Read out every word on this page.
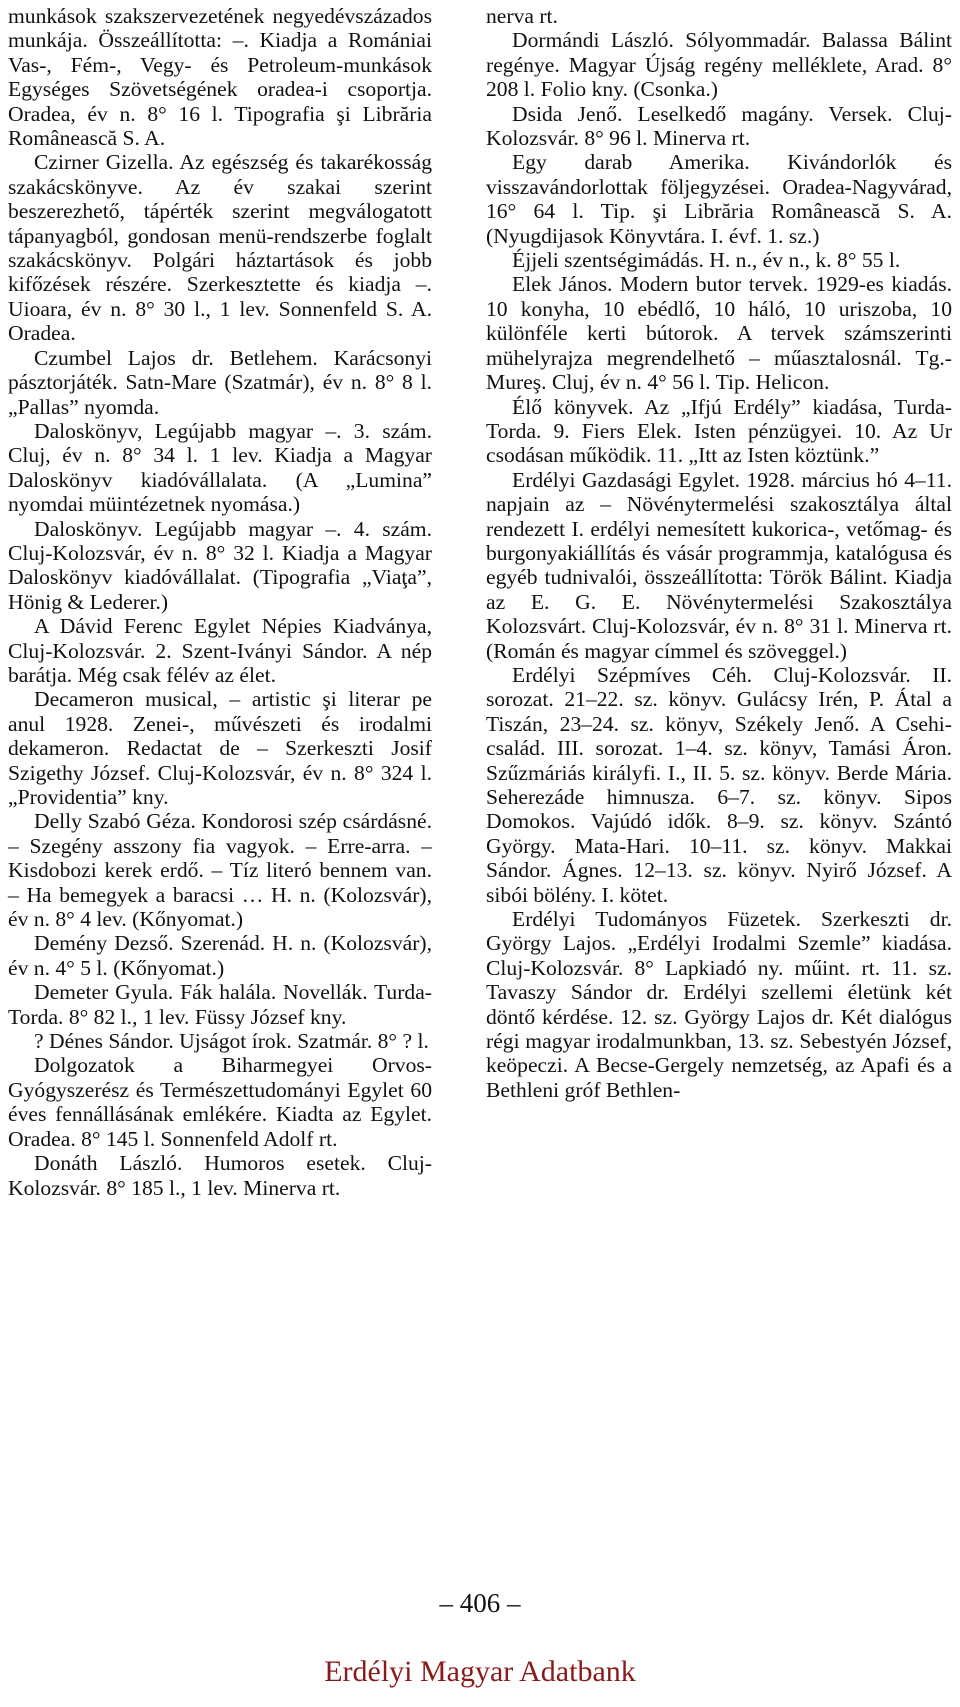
munkások szakszervezetének negyedévszázados munkája. Összeállította: –. Kiadja a Romániai Vas-, Fém-, Vegy- és Petroleum-munkások Egységes Szövetségének oradea-i csoportja. Oradea, év n. 8° 16 l. Tipografia şi Librăria Românească S. A.

Czirner Gizella. Az egészség és takarékosság szakácskönyve. Az év szakai szerint beszerezhető, tápérték szerint megválogatott tápanyagból, gondosan menü-rendszerbe foglalt szakácskönyv. Polgári háztartások és jobb kifőzések részére. Szerkesztette és kiadja –. Uioara, év n. 8° 30 l., 1 lev. Sonnenfeld S. A. Oradea.

Czumbel Lajos dr. Betlehem. Karácsonyi pásztorjáték. Satn-Mare (Szatmár), év n. 8° 8 l. „Pallas” nyomda.

Daloskönyv, Legújabb magyar –. 3. szám. Cluj, év n. 8° 34 l. 1 lev. Kiadja a Magyar Daloskönyv kiadóvállalata. (A „Lumina” nyomdai müintézetnek nyomása.)

Daloskönyv. Legújabb magyar –. 4. szám. Cluj-Kolozsvár, év n. 8° 32 l. Kiadja a Magyar Daloskönyv kiadóvállalat. (Tipografia „Viaţa”, Hönig & Lederer.)

A Dávid Ferenc Egylet Népies Kiadványa, Cluj-Kolozsvár. 2. Szent-Iványi Sándor. A nép barátja. Még csak félév az élet.

Decameron musical, – artistic şi literar pe anul 1928. Zenei-, művészeti és irodalmi dekameron. Redactat de – Szerkeszti Josif Szigethy József. Cluj-Kolozsvár, év n. 8° 324 l. „Providentia” kny.

Delly Szabó Géza. Kondorosi szép csárdásné. – Szegény asszony fia vagyok. – Erre-arra. – Kisdobozi kerek erdő. – Tíz literó bennem van. – Ha bemegyek a baracsi … H. n. (Kolozsvár), év n. 8° 4 lev. (Kőnyomat.)

Demény Dezső. Szerenád. H. n. (Kolozsvár), év n. 4° 5 l. (Kőnyomat.)

Demeter Gyula. Fák halála. Novellák. Turda-Torda. 8° 82 l., 1 lev. Füssy József kny.

? Dénes Sándor. Ujságot írok. Szatmár. 8° ? l.

Dolgozatok a Biharmegyei Orvos-Gyógyszerész és Természettudományi Egylet 60 éves fennállásának emlékére. Kiadta az Egylet. Oradea. 8° 145 l. Sonnenfeld Adolf rt.

Donáth László. Humoros esetek. Cluj-Kolozsvár. 8° 185 l., 1 lev. Minerva rt.

nerva rt.

Dormándi László. Sólyommadár. Balassa Bálint regénye. Magyar Újság regény melléklete, Arad. 8° 208 l. Folio kny. (Csonka.)

Dsida Jenő. Leselkedő magány. Versek. Cluj-Kolozsvár. 8° 96 l. Minerva rt.

Egy darab Amerika. Kivándorlók és visszavándorlottak följegyzései. Oradea-Nagyvárad, 16° 64 l. Tip. şi Librăria Românească S. A. (Nyugdijasok Könyvtára. I. évf. 1. sz.)

Éjjeli szentségimádás. H. n., év n., k. 8° 55 l.

Elek János. Modern butor tervek. 1929-es kiadás. 10 konyha, 10 ebédlő, 10 háló, 10 uriszoba, 10 különféle kerti bútorok. A tervek számszerinti mühelyrajza megrendelhető – műasztalosnál. Tg.-Mureş. Cluj, év n. 4° 56 l. Tip. Helicon.

Élő könyvek. Az „Ifjú Erdély” kiadása, Turda-Torda. 9. Fiers Elek. Isten pénzügyei. 10. Az Ur csodásan működik. 11. „Itt az Isten köztünk.”

Erdélyi Gazdasági Egylet. 1928. március hó 4–11. napjain az – Növénytermelési szakosztálya által rendezett I. erdélyi nemesített kukorica-, vetőmag- és burgonyakiállítás és vásár programmja, katalógusa és egyéb tudnivalói, összeállította: Török Bálint. Kiadja az E. G. E. Növénytermelési Szakosztálya Kolozsvárt. Cluj-Kolozsvár, év n. 8° 31 l. Minerva rt. (Román és magyar címmel és szöveggel.)

Erdélyi Szépmíves Céh. Cluj-Kolozsvár. II. sorozat. 21–22. sz. könyv. Gulácsy Irén, P. Átal a Tiszán, 23–24. sz. könyv, Székely Jenő. A Csehi-család. III. sorozat. 1–4. sz. könyv, Tamási Áron. Szűzmáriás királyfi. I., II. 5. sz. könyv. Berde Mária. Seherezáde himnusza. 6–7. sz. könyv. Sipos Domokos. Vajúdó idők. 8–9. sz. könyv. Szántó György. Mata-Hari. 10–11. sz. könyv. Makkai Sándor. Ágnes. 12–13. sz. könyv. Nyirő József. A sibói bölény. I. kötet.

Erdélyi Tudományos Füzetek. Szerkeszti dr. György Lajos. „Erdélyi Irodalmi Szemle” kiadása. Cluj-Kolozsvár. 8° Lapkiadó ny. műint. rt. 11. sz. Tavaszy Sándor dr. Erdélyi szellemi életünk két döntő kérdése. 12. sz. György Lajos dr. Két dialógus régi magyar irodalmunkban, 13. sz. Sebestyén József, keöpeczi. A Becse-Gergely nemzetség, az Apafi és a Bethleni gróf Bethlen-

– 406 –
Erdélyi Magyar Adatbank
